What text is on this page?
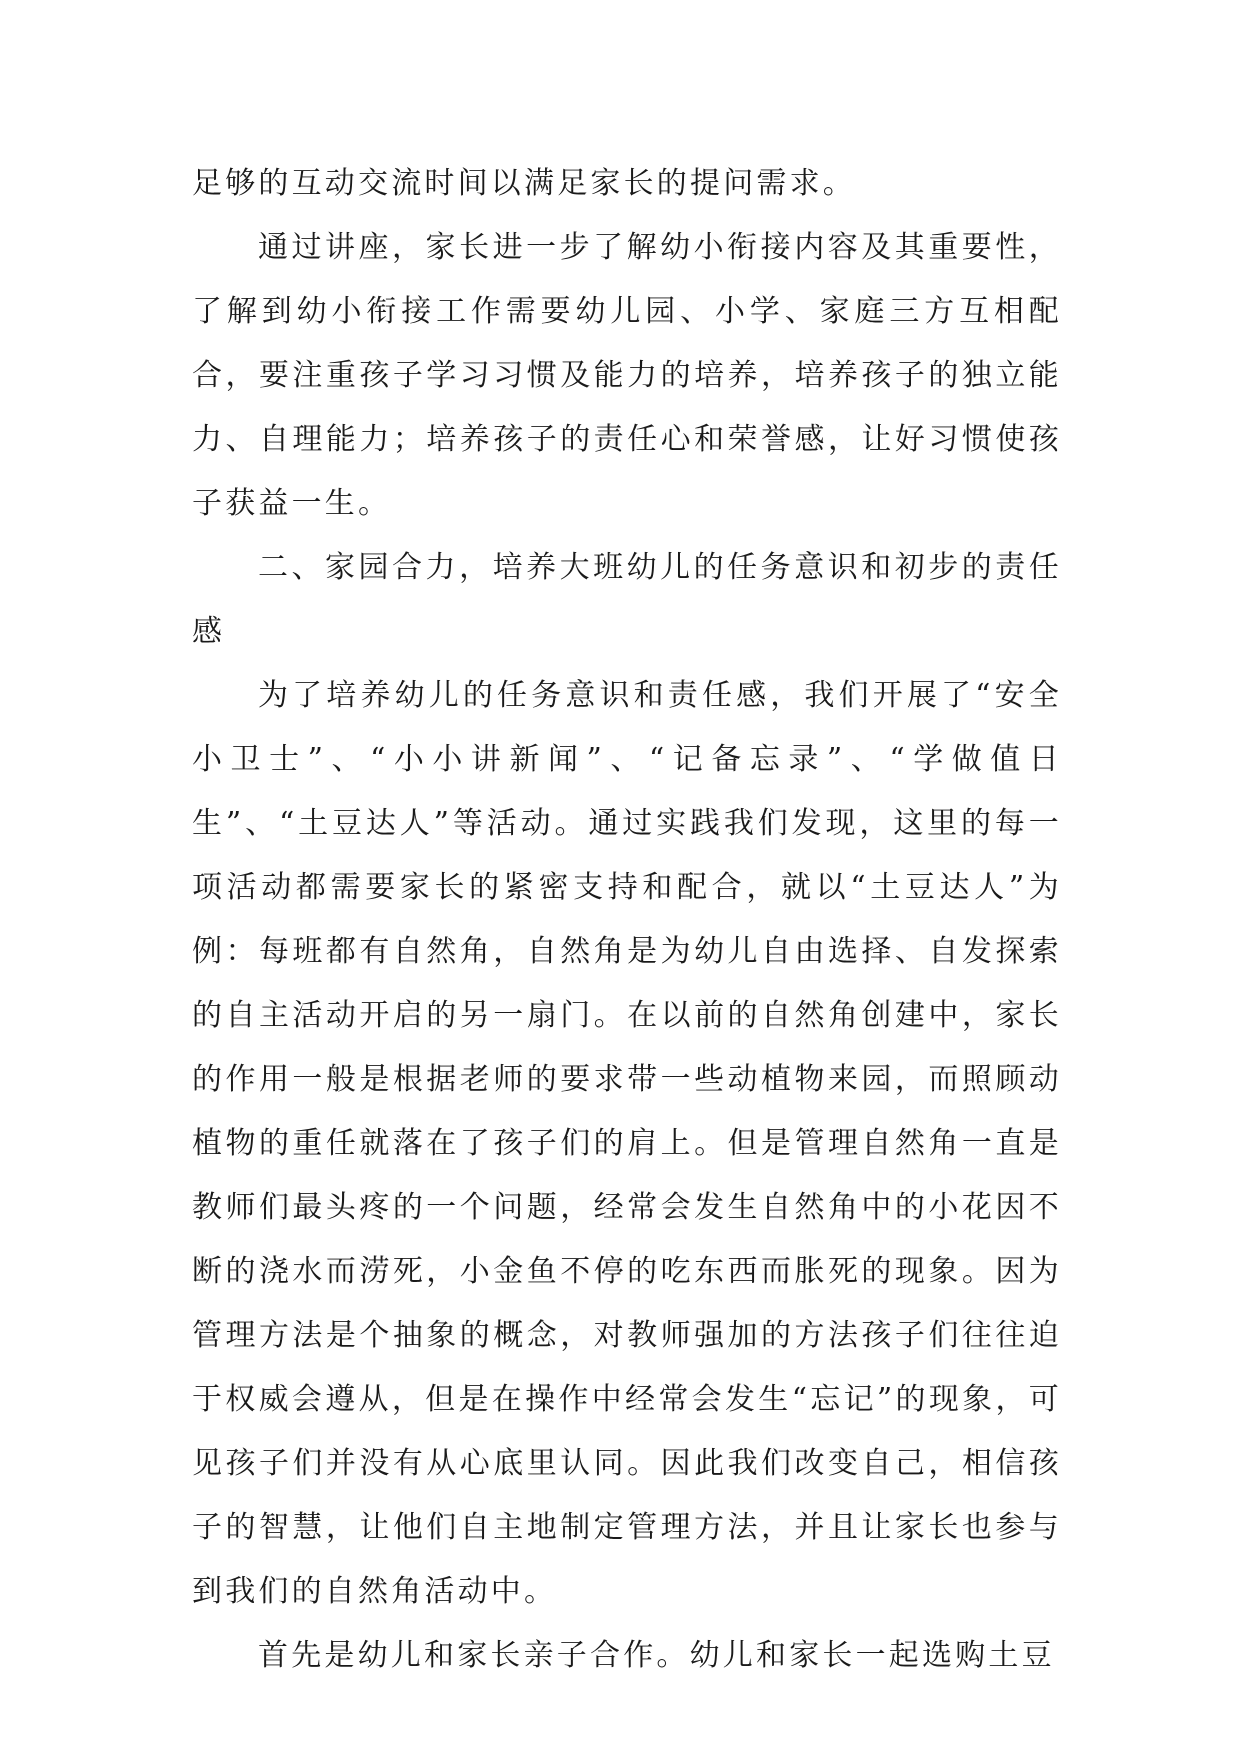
足够的互动交流时间以满足家长的提问需求。

通过讲座，家长进一步了解幼小衔接内容及其重要性，了解到幼小衔接工作需要幼儿园、小学、家庭三方互相配合，要注重孩子学习习惯及能力的培养，培养孩子的独立能力、自理能力；培养孩子的责任心和荣誉感，让好习惯使孩子获益一生。

二、家园合力，培养大班幼儿的任务意识和初步的责任感

为了培养幼儿的任务意识和责任感，我们开展了“安全小卫士”、“小小讲新闻”、“记备忘录”、“学做值日生”、“土豆达人”等活动。通过实践我们发现，这里的每一项活动都需要家长的紧密支持和配合，就以“土豆达人”为例：每班都有自然角，自然角是为幼儿自由选择、自发探索的自主活动开启的另一扇门。在以前的自然角创建中，家长的作用一般是根据老师的要求带一些动植物来园，而照顾动植物的重任就落在了孩子们的肩上。但是管理自然角一直是教师们最头疼的一个问题，经常会发生自然角中的小花因不断的浇水而涝死，小金鱼不停的吃东西而胀死的现象。因为管理方法是个抽象的概念，对教师强加的方法孩子们往往迫于权威会遵从，但是在操作中经常会发生“忘记”的现象，可见孩子们并没有从心底里认同。因此我们改变自己，相信孩子的智慧，让他们自主地制定管理方法，并且让家长也参与到我们的自然角活动中。

首先是幼儿和家长亲子合作。幼儿和家长一起选购土豆
